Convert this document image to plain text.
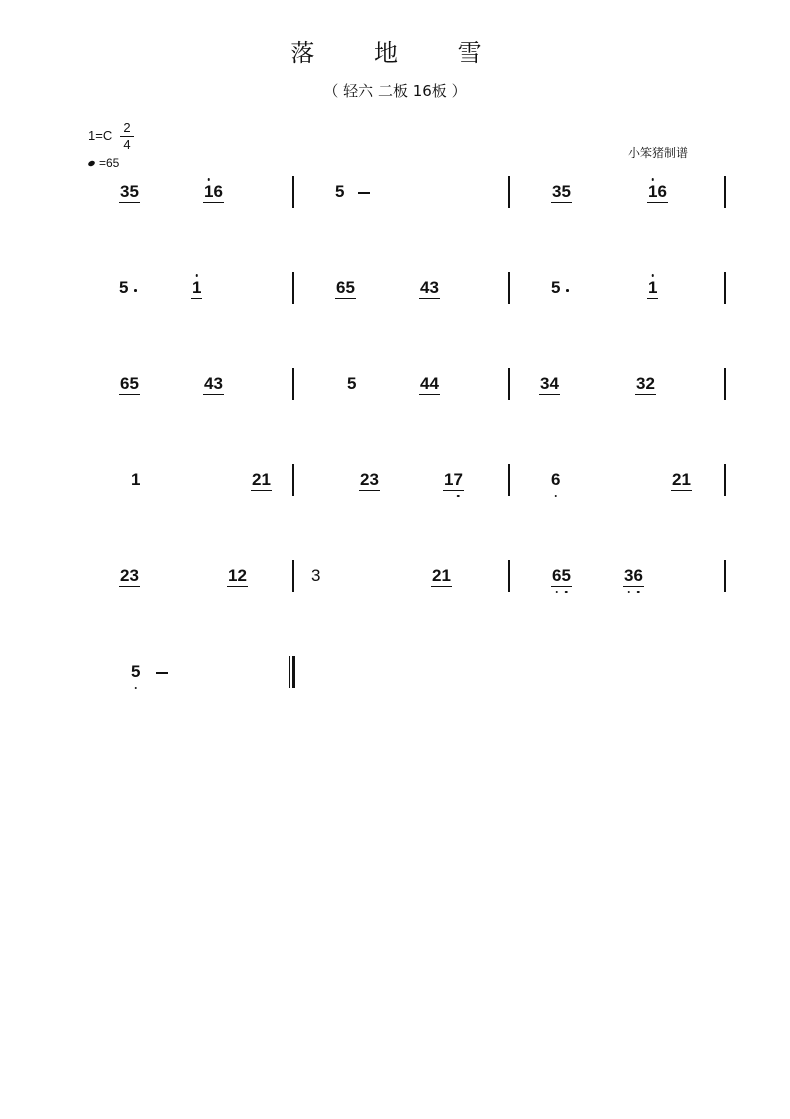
落 地 雪
（ 轻六 二板 16板 ）
$1=C \frac{2}{4}$
=65
小笨猪制谱
35	16	5	35	16
5	1	65	43	5	1
65	43	5	44	34	32
1	21	23	17	6	21
23	12	3	21	65	36
5
